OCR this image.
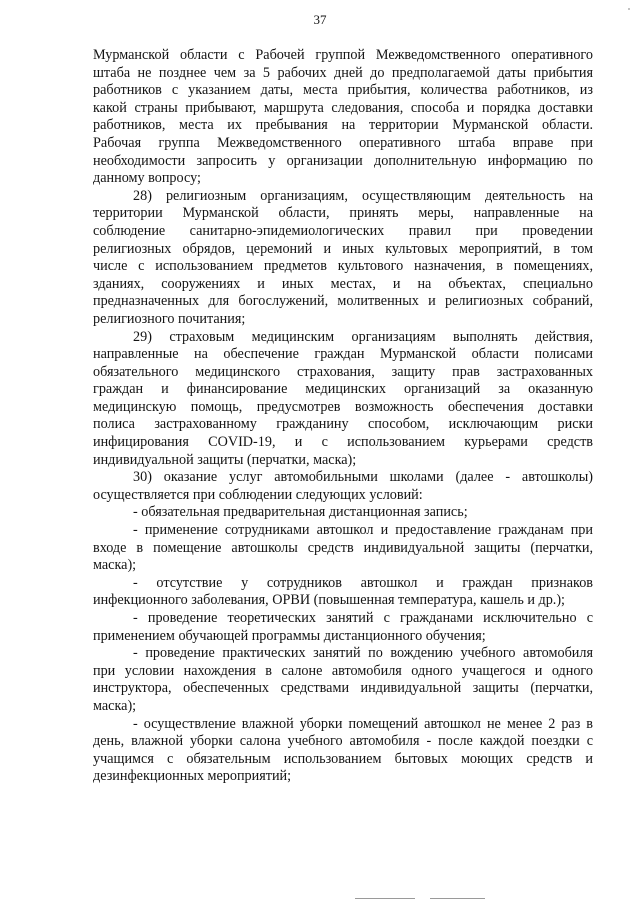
37

Мурманской области с Рабочей группой Межведомственного оперативного
штаба не позднее чем за 5 рабочих дней до предполагаемой даты прибытия
работников с указанием даты, места прибытия, количества работников, из
какой страны прибывают, маршрута следования, способа и порядка доставки
работников, места их пребывания на территории Мурманской области.
Рабочая группа Межведомственного оперативного штаба вправе при
необходимости запросить у организации дополнительную информацию по
данному вопросу;

28) религиозным организациям, осуществляющим деятельность на
территории Мурманской области, принять меры, направленные на
соблюдение санитарно-эпидемиологических правил при проведении
религиозных обрядов, церемоний и иных культовых мероприятий, в том
числе с использованием предметов культового назначения, в помещениях,
зданиях, сооружениях и иных местах, и на объектах, специально
предназначенных для богослужений, молитвенных и религиозных собраний,
религиозного почитания;

29) страховым медицинским организациям выполнять действия,
направленные на обеспечение граждан Мурманской области полисами
обязательного медицинского страхования, защиту прав застрахованных
граждан и финансирование медицинских организаций за оказанную
медицинскую помощь, предусмотрев возможность обеспечения доставки
полиса застрахованному гражданину способом, исключающим риски
инфицирования COVID-19, и с использованием курьерами средств
индивидуальной защиты (перчатки, маска);

30) оказание услуг автомобильными школами (далее - автошколы)
осуществляется при соблюдении следующих условий:

- обязательная предварительная дистанционная запись;

- применение сотрудниками автошкол и предоставление гражданам при
входе в помещение автошколы средств индивидуальной защиты (перчатки,
маска);

- отсутствие у сотрудников автошкол и граждан признаков
инфекционного заболевания, ОРВИ (повышенная температура, кашель и др.);

- проведение теоретических занятий с гражданами исключительно с
применением обучающей программы дистанционного обучения;

- проведение практических занятий по вождению учебного автомобиля
при условии нахождения в салоне автомобиля одного учащегося и одного
инструктора, обеспеченных средствами индивидуальной защиты (перчатки,
маска);

- осуществление влажной уборки помещений автошкол не менее 2 раз в
день, влажной уборки салона учебного автомобиля - после каждой поездки с
учащимся с обязательным использованием бытовых моющих средств и
дезинфекционных мероприятий;
